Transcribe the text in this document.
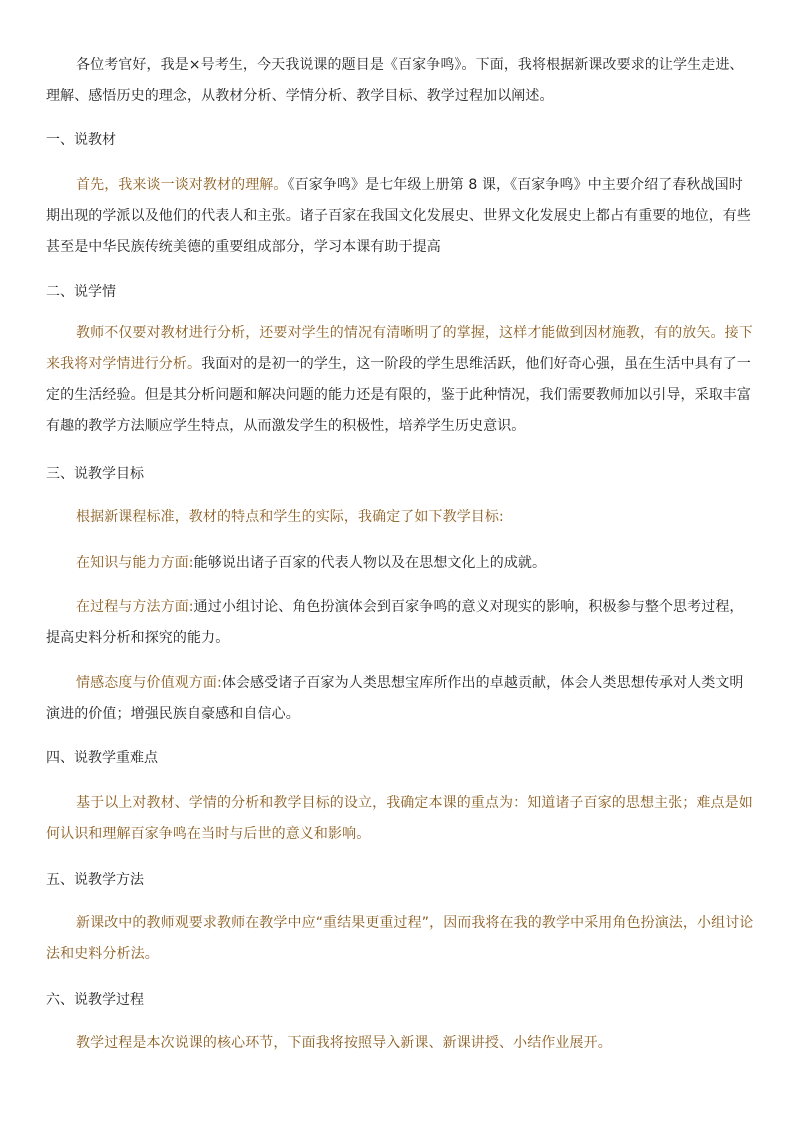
各位考官好，我是×号考生，今天我说课的题目是《百家争鸣》。下面，我将根据新课改要求的让学生走进、理解、感悟历史的理念，从教材分析、学情分析、教学目标、教学过程加以阐述。

一、说教材

首先，我来谈一谈对教材的理解。《百家争鸣》是七年级上册第 8 课，《百家争鸣》中主要介绍了春秋战国时期出现的学派以及他们的代表人和主张。诸子百家在我国文化发展史、世界文化发展史上都占有重要的地位，有些甚至是中华民族传统美德的重要组成部分，学习本课有助于提高

二、说学情

教师不仅要对教材进行分析，还要对学生的情况有清晰明了的掌握，这样才能做到因材施教，有的放矢。接下来我将对学情进行分析。我面对的是初一的学生，这一阶段的学生思维活跃，他们好奇心强，虽在生活中具有了一定的生活经验。但是其分析问题和解决问题的能力还是有限的，鉴于此种情况，我们需要教师加以引导，采取丰富有趣的教学方法顺应学生特点，从而激发学生的积极性，培养学生历史意识。

三、说教学目标

根据新课程标准，教材的特点和学生的实际，我确定了如下教学目标:

在知识与能力方面:能够说出诸子百家的代表人物以及在思想文化上的成就。

在过程与方法方面:通过小组讨论、角色扮演体会到百家争鸣的意义对现实的影响，积极参与整个思考过程，提高史料分析和探究的能力。

情感态度与价值观方面:体会感受诸子百家为人类思想宝库所作出的卓越贡献，体会人类思想传承对人类文明演进的价值；增强民族自豪感和自信心。

四、说教学重难点

基于以上对教材、学情的分析和教学目标的设立，我确定本课的重点为：知道诸子百家的思想主张；难点是如何认识和理解百家争鸣在当时与后世的意义和影响。

五、说教学方法

新课改中的教师观要求教师在教学中应“重结果更重过程”，因而我将在我的教学中采用角色扮演法，小组讨论法和史料分析法。

六、说教学过程

教学过程是本次说课的核心环节，下面我将按照导入新课、新课讲授、小结作业展开。
